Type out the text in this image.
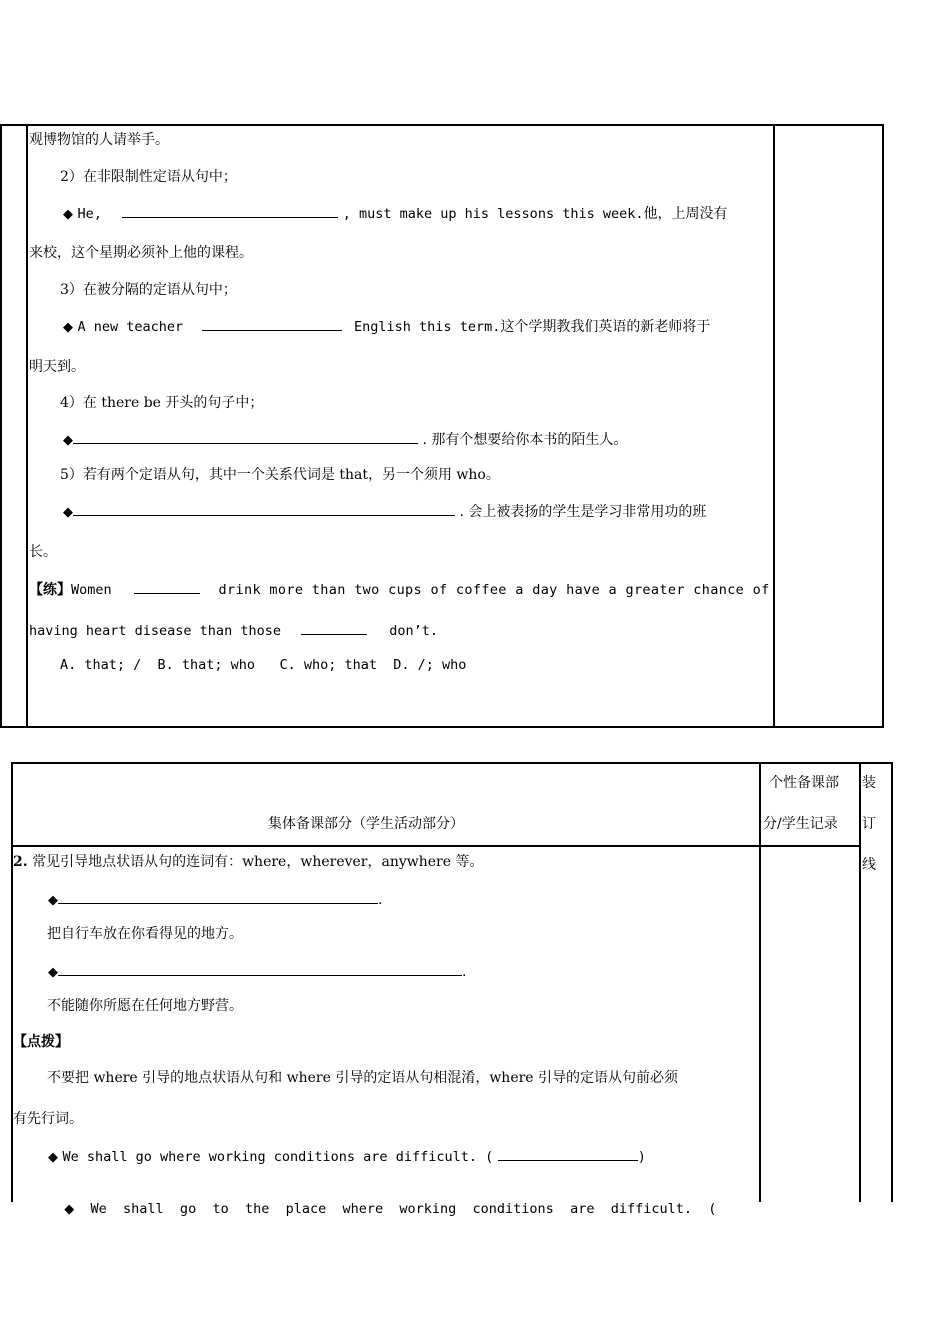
观博物馆的人请举手。
2）在非限制性定语从句中；
◆ He,	, must make up his lessons this week.他，上周没有
来校，这个星期必须补上他的课程。
3）在被分隔的定语从句中；
◆ A new teacher	English this term.这个学期教我们英语的新老师将于
明天到。
4）在 there be 开头的句子中；
◆	. 那有个想要给你本书的陌生人。
5）若有两个定语从句，其中一个关系代词是 that，另一个须用 who。
◆	. 会上被表扬的学生是学习非常用功的班
长。
【练】Women	drink more than two cups of coffee a day have a greater chance of
having heart disease than those	don’t.
A. that; /  B. that; who   C. who; that  D. /; who
集体备课部分（学生活动部分）
个性备课部
分/学生记录
装
订
线
2. 常见引导地点状语从句的连词有：where，wherever，anywhere 等。
◆	.
把自行车放在你看得见的地方。
◆	.
不能随你所愿在任何地方野营。
【点拨】
不要把 where 引导的地点状语从句和 where 引导的定语从句相混淆，where 引导的定语从句前必须
有先行词。
◆ We shall go where working conditions are difficult. (	)

◆ We  shall  go  to  the  place  where  working  conditions  are  difficult.  (
